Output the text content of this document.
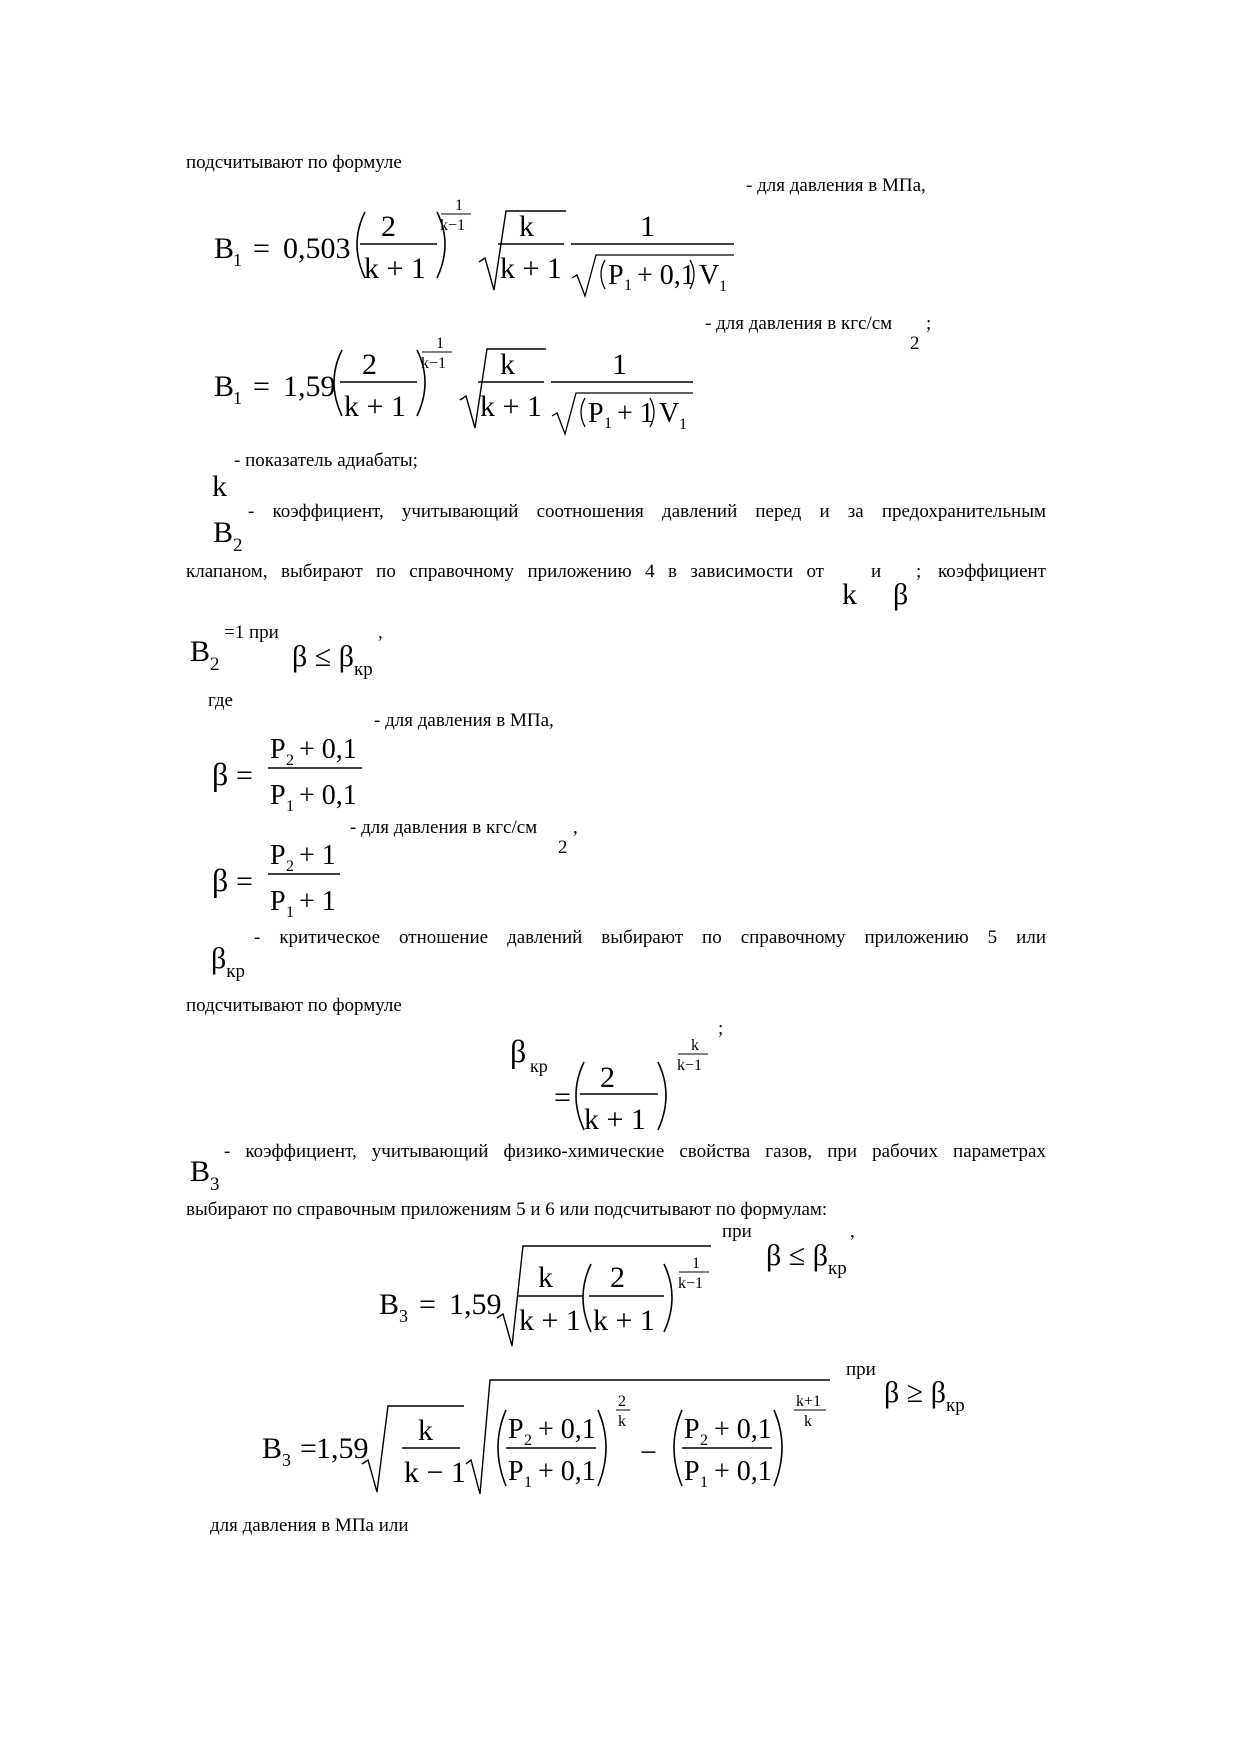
подсчитывают по формуле
- для давления в МПа,
B
1 = 0,503
2
k + 1
1
k−1 k
k + 1
1
P 1 + 0,1 V 1
- для давления в кгс/см
2
;
B
1 = 1,59
2
k + 1
1
k−1 k
k + 1
1
P 1 + 1 V 1
- показатель адиабаты;
k
- коэффициент, учитывающий соотношения давлений перед и за предохранительным
$B_2$
клапаном, выбирают по справочному приложению 4 в зависимости от
k
и
β
; коэффициент
$B_2$
=1 при
$\beta \le \beta_{кр}$
,
где
- для давления в МПа,
β =
P 2 + 0,1
P 1 + 0,1
- для давления в кгс/см
2
,
β =
P 2 + 1
P 1 + 1
- критическое отношение давлений выбирают по справочному приложению 5 или
$\beta_{кр}$
подсчитывают по формуле
;
β кр
=
2
k + 1
k
k−1
- коэффициент, учитывающий физико-химические свойства газов, при рабочих параметрах
$B_3$
выбирают по справочным приложениям 5 и 6 или подсчитывают по формулам:
при	,
$\beta \le \beta_{кр}$
B 3 = 1,59
k
k + 1
2
k + 1
1
k−1
при
$\beta \ge \beta_{кр}$
B 3 = 1,59
k
k − 1
P 2 + 0,1
P 1 + 0,1
2
k
−
P 2 + 0,1
P 1 + 0,1
k+1
k
для давления в МПа или
